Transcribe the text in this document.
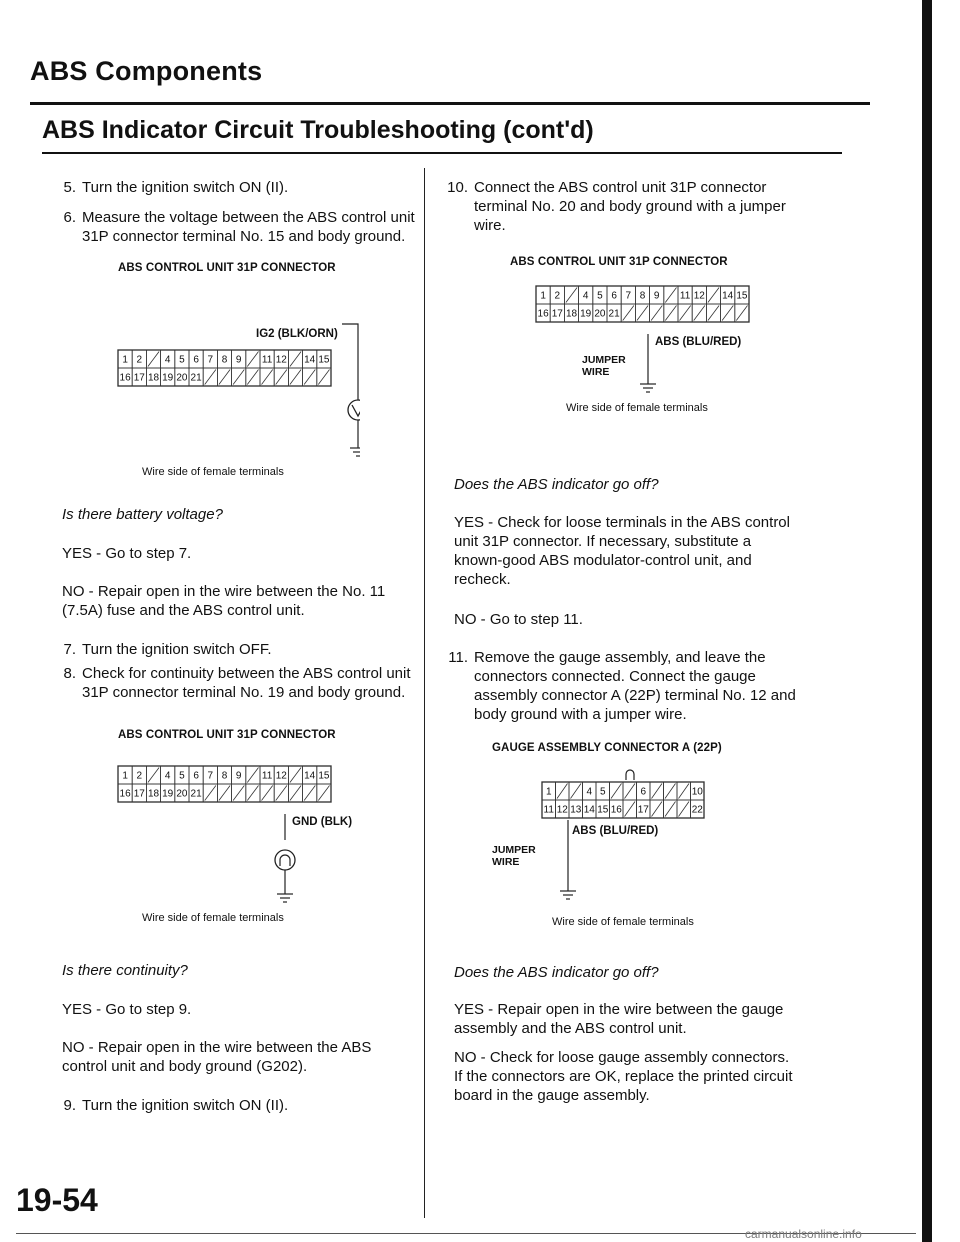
ABS Components
ABS Indicator Circuit Troubleshooting (cont'd)
5. Turn the ignition switch ON (II).
6. Measure the voltage between the ABS control unit 31P connector terminal No. 15 and body ground.
ABS CONTROL UNIT 31P CONNECTOR
1 2 4 5 6 7 8 9 11 12 14 15
16 17 18 19 20 21
IG2 (BLK/ORN)
Wire side of female terminals
Is there battery voltage?
YES - Go to step 7.
NO - Repair open in the wire between the No. 11 (7.5A) fuse and the ABS control unit.
7. Turn the ignition switch OFF.
8. Check for continuity between the ABS control unit 31P connector terminal No. 19 and body ground.
ABS CONTROL UNIT 31P CONNECTOR
1 2 4 5 6 7 8 9 11 12 14 15
16 17 18 19 20 21
GND (BLK)
Wire side of female terminals
Is there continuity?
YES - Go to step 9.
NO - Repair open in the wire between the ABS control unit and body ground (G202).
9. Turn the ignition switch ON (II).
10. Connect the ABS control unit 31P connector terminal No. 20 and body ground with a jumper wire.
ABS CONTROL UNIT 31P CONNECTOR
1 2 4 5 6 7 8 9 11 12 14 15
16 17 18 19 20 21
ABS (BLU/RED)
JUMPER WIRE
Wire side of female terminals
Does the ABS indicator go off?
YES - Check for loose terminals in the ABS control unit 31P connector. If necessary, substitute a known-good ABS modulator-control unit, and recheck.
NO - Go to step 11.
11. Remove the gauge assembly, and leave the connectors connected. Connect the gauge assembly connector A (22P) terminal No. 12 and body ground with a jumper wire.
GAUGE ASSEMBLY CONNECTOR A (22P)
1	4 5	6	10
11 12 13 14 15 16 17	22
ABS (BLU/RED)
JUMPER WIRE
Wire side of female terminals
Does the ABS indicator go off?
YES - Repair open in the wire between the gauge assembly and the ABS control unit.
NO - Check for loose gauge assembly connectors. If the connectors are OK, replace the printed circuit board in the gauge assembly.
19-54
carmanualsonline.info
